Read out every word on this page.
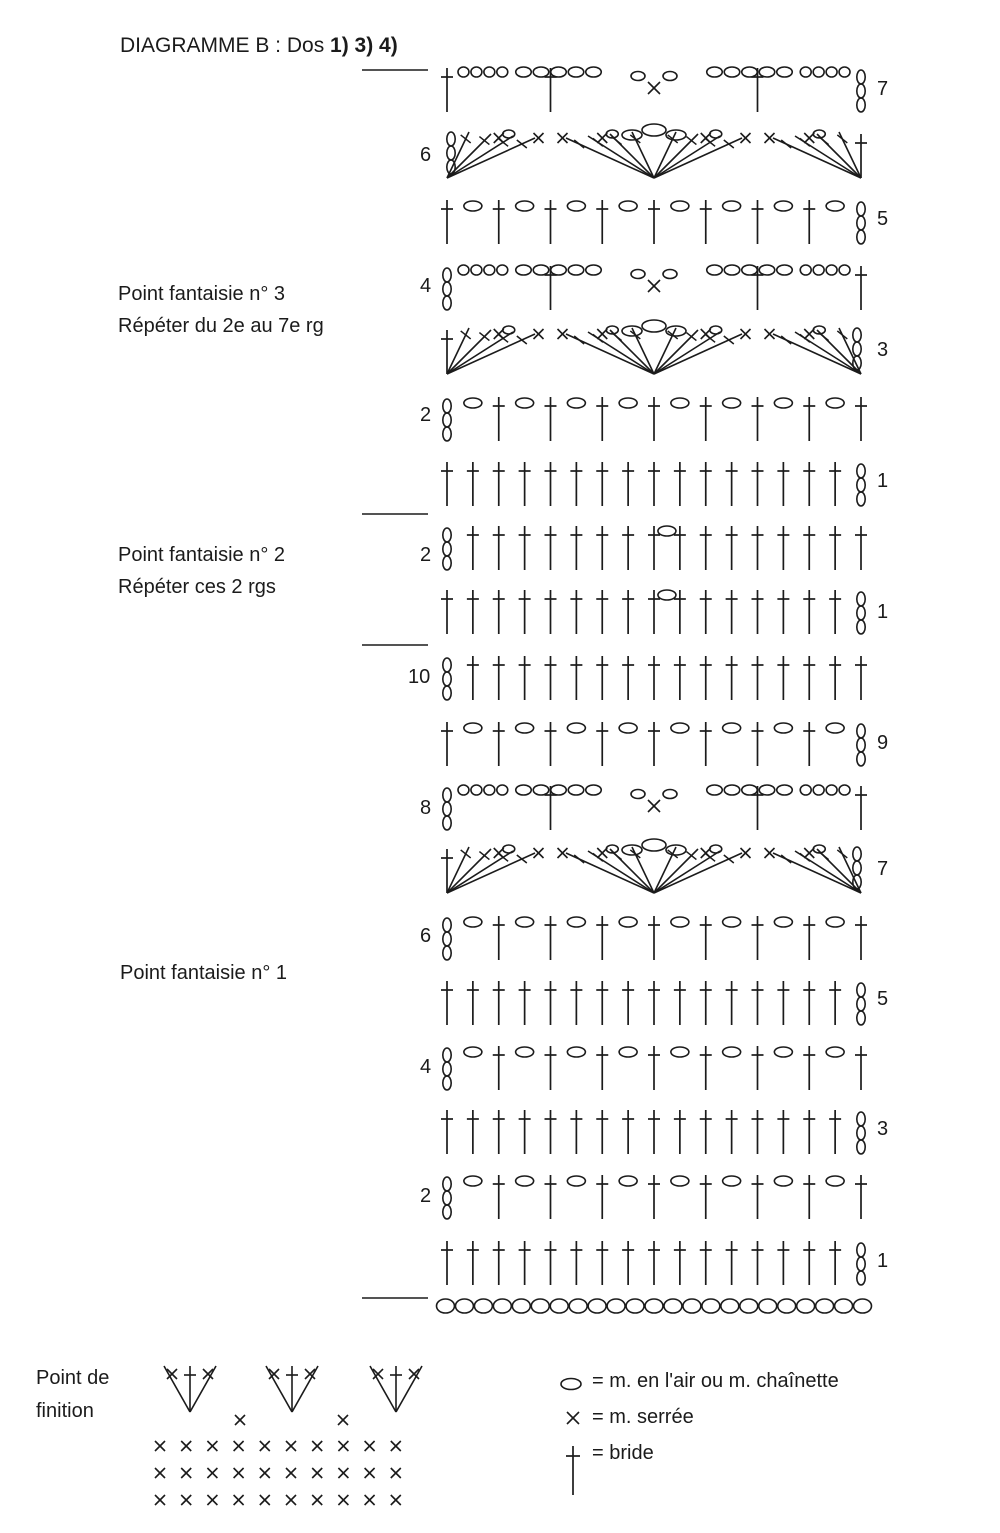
DIAGRAMME B : Dos 1) 3) 4)
Point fantaisie n° 3
Répéter du 2e au 7e rg
Point fantaisie n° 2
Répéter ces 2 rgs
Point fantaisie n° 1
Point de
finition
7
6
5
4
3
2
1
2
1
10
9
8
7
6
5
4
3
2
1
= m. en l'air ou m. chaînette
= m. serrée
= bride
